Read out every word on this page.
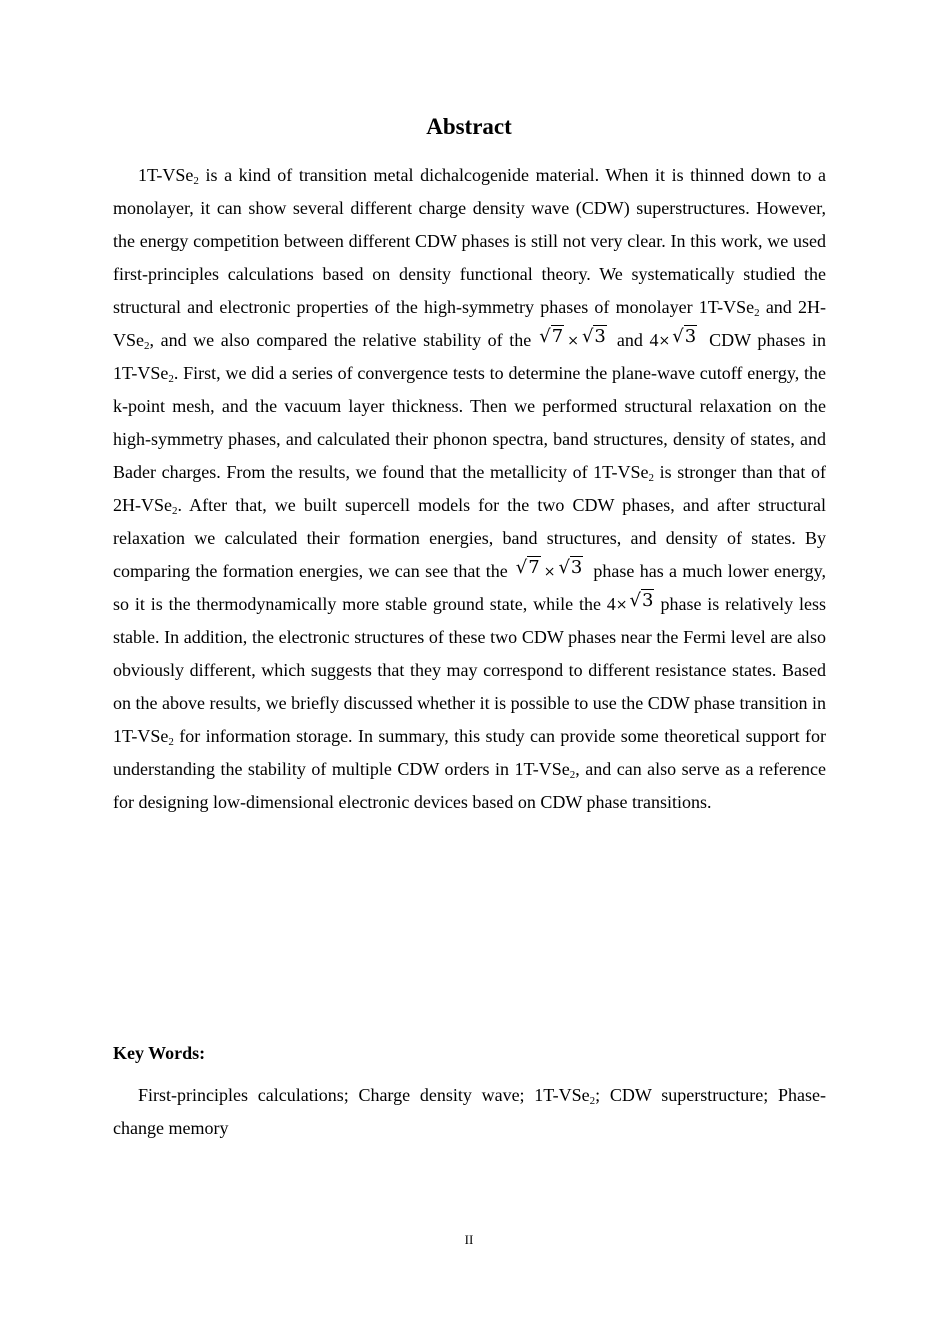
Abstract

1T-VSe$_2$ is a kind of transition metal dichalcogenide material. When it is thinned down to a monolayer, it can show several different charge density wave (CDW) superstructures. However, the energy competition between different CDW phases is still not very clear. In this work, we used first-principles calculations based on density functional theory. We systematically studied the structural and electronic properties of the high-symmetry phases of monolayer 1T-VSe$_2$ and 2H-VSe$_2$, and we also compared the relative stability of the √7 × √3 and 4× √3 CDW phases in 1T-VSe$_2$. First, we did a series of convergence tests to determine the plane-wave cutoff energy, the k-point mesh, and the vacuum layer thickness. Then we performed structural relaxation on the high-symmetry phases, and calculated their phonon spectra, band structures, density of states, and Bader charges. From the results, we found that the metallicity of 1T-VSe$_2$ is stronger than that of 2H-VSe$_2$. After that, we built supercell models for the two CDW phases, and after structural relaxation we calculated their formation energies, band structures, and density of states. By comparing the formation energies, we can see that the √7 × √3 phase has a much lower energy, so it is the thermodynamically more stable ground state, while the 4× √3 phase is relatively less stable. In addition, the electronic structures of these two CDW phases near the Fermi level are also obviously different, which suggests that they may correspond to different resistance states. Based on the above results, we briefly discussed whether it is possible to use the CDW phase transition in 1T-VSe$_2$ for information storage. In summary, this study can provide some theoretical support for understanding the stability of multiple CDW orders in 1T-VSe$_2$, and can also serve as a reference for designing low-dimensional electronic devices based on CDW phase transitions.

Key Words:

First-principles calculations; Charge density wave; 1T-VSe$_2$; CDW superstructure; Phase-change memory

II
